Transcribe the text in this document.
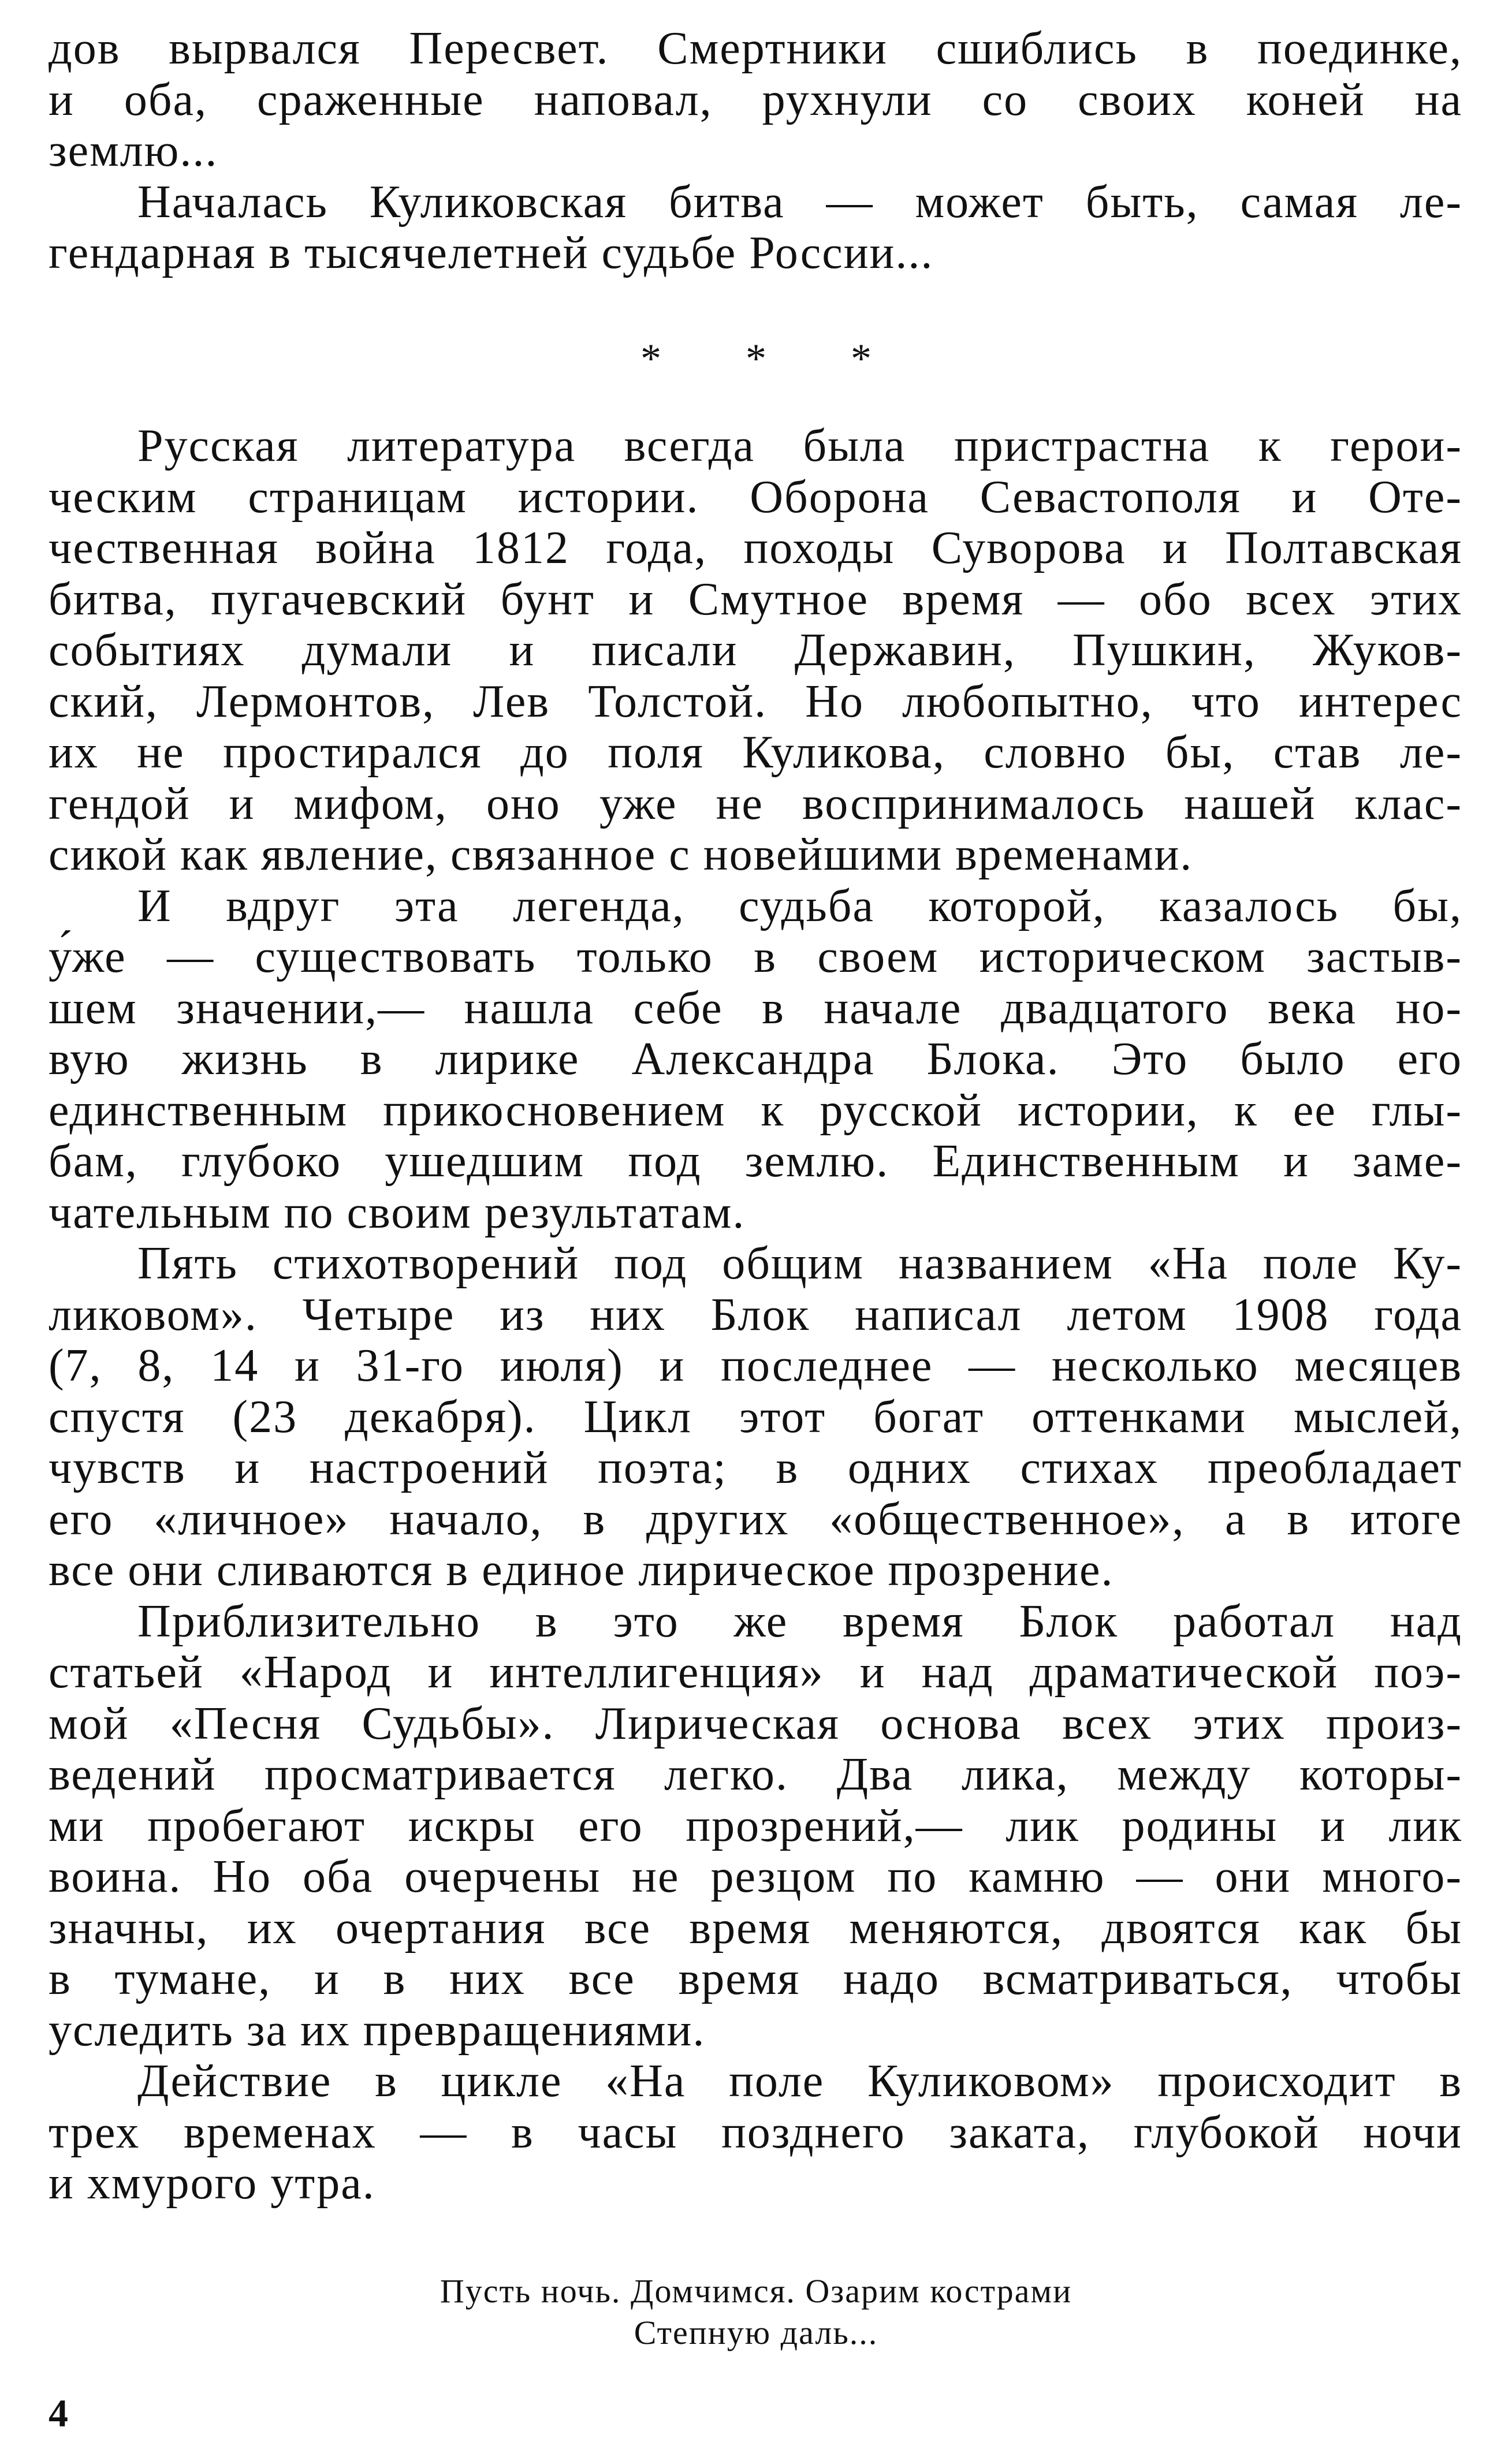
дов вырвался Пересвет. Смертники сшиблись в поединке,
и оба, сраженные наповал, рухнули со своих коней на
землю...
Началась Куликовская битва — может быть, самая ле-
гендарная в тысячелетней судьбе России...
* * *
Русская литература всегда была пристрастна к герои-
ческим страницам истории. Оборона Севастополя и Оте-
чественная война 1812 года, походы Суворова и Полтавская
битва, пугачевский бунт и Смутное время — обо всех этих
событиях думали и писали Державин, Пушкин, Жуков-
ский, Лермонтов, Лев Толстой. Но любопытно, что интерес
их не простирался до поля Куликова, словно бы, став ле-
гендой и мифом, оно уже не воспринималось нашей клас-
сикой как явление, связанное с новейшими временами.
И вдруг эта легенда, судьба которой, казалось бы,
у́же — существовать только в своем историческом застыв-
шем значении,— нашла себе в начале двадцатого века но-
вую жизнь в лирике Александра Блока. Это было его
единственным прикосновением к русской истории, к ее глы-
бам, глубоко ушедшим под землю. Единственным и заме-
чательным по своим результатам.
Пять стихотворений под общим названием «На поле Ку-
ликовом». Четыре из них Блок написал летом 1908 года
(7, 8, 14 и 31-го июля) и последнее — несколько месяцев
спустя (23 декабря). Цикл этот богат оттенками мыслей,
чувств и настроений поэта; в одних стихах преобладает
его «личное» начало, в других «общественное», а в итоге
все они сливаются в единое лирическое прозрение.
Приблизительно в это же время Блок работал над
статьей «Народ и интеллигенция» и над драматической поэ-
мой «Песня Судьбы». Лирическая основа всех этих произ-
ведений просматривается легко. Два лика, между которы-
ми пробегают искры его прозрений,— лик родины и лик
воина. Но оба очерчены не резцом по камню — они много-
значны, их очертания все время меняются, двоятся как бы
в тумане, и в них все время надо всматриваться, чтобы
уследить за их превращениями.
Действие в цикле «На поле Куликовом» происходит в
трех временах — в часы позднего заката, глубокой ночи
и хмурого утра.
Пусть ночь. Домчимся. Озарим кострами
Степную даль...
4
